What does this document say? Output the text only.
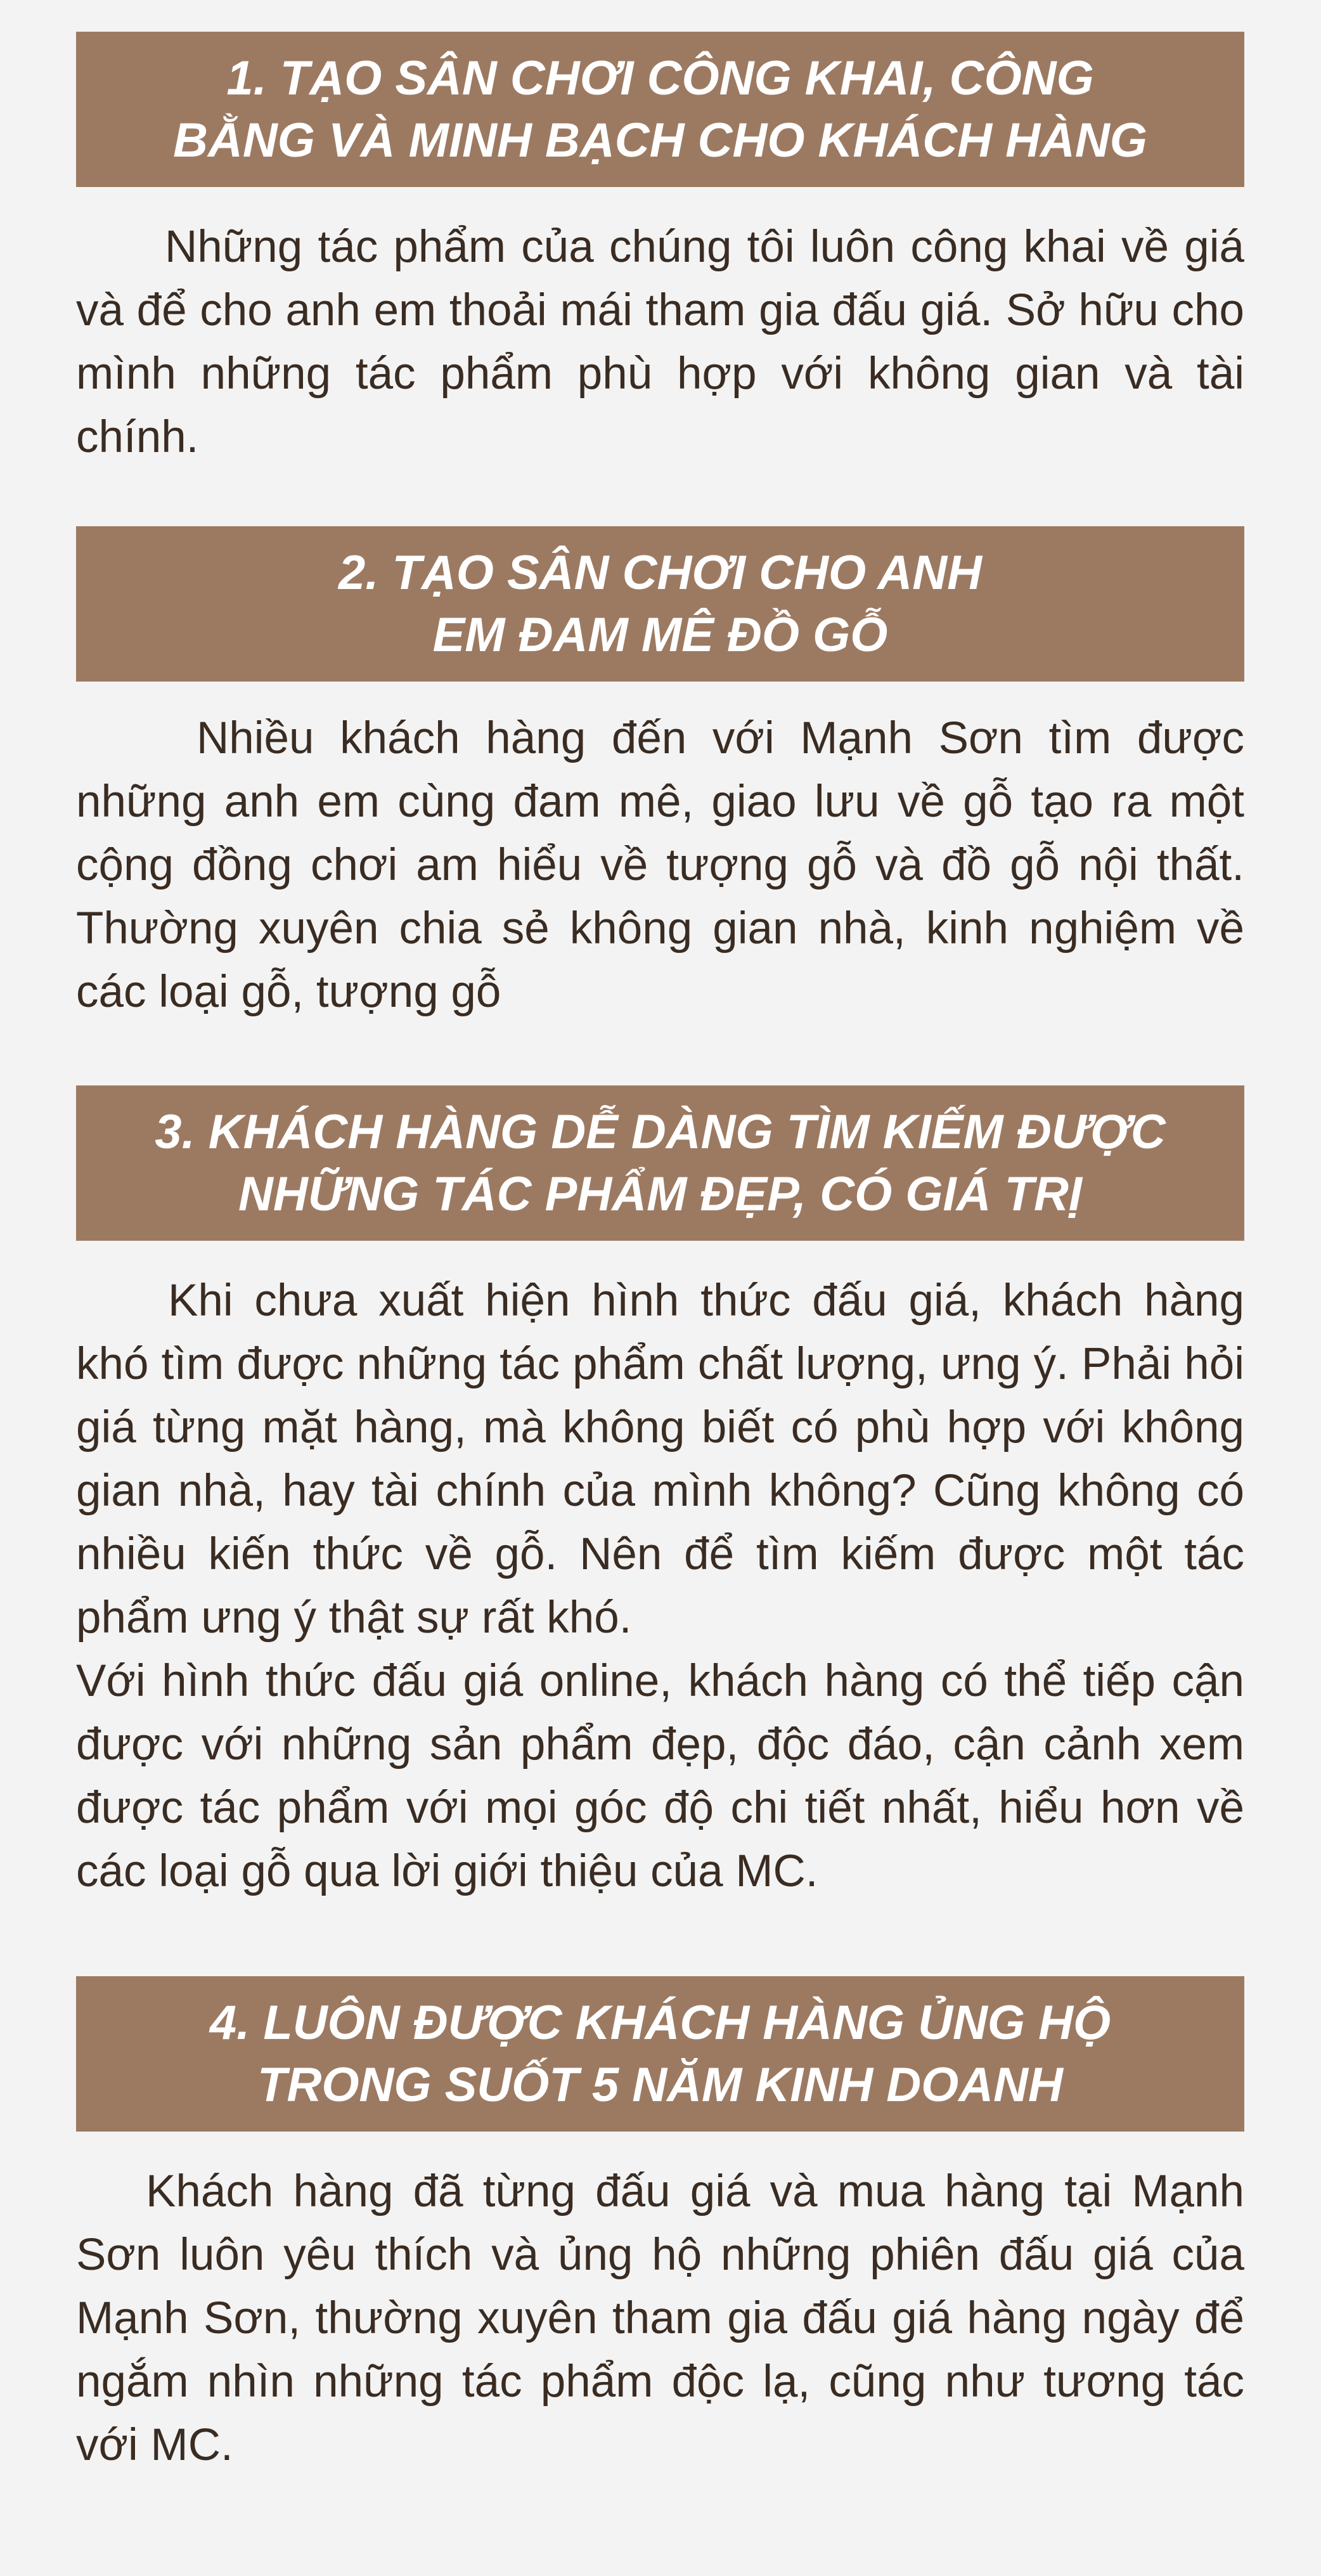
1. TẠO SÂN CHƠI CÔNG KHAI, CÔNG
BẰNG VÀ MINH BẠCH CHO KHÁCH HÀNG

Những tác phẩm của chúng tôi luôn công khai về giá và để cho anh em thoải mái tham gia đấu giá. Sở hữu cho mình những tác phẩm phù hợp với không gian và tài chính.

2. TẠO SÂN CHƠI CHO ANH
EM ĐAM MÊ ĐỒ GỖ

Nhiều khách hàng đến với Mạnh Sơn tìm được những anh em cùng đam mê, giao lưu về gỗ tạo ra một cộng đồng chơi am hiểu về tượng gỗ và đồ gỗ nội thất. Thường xuyên chia sẻ không gian nhà, kinh nghiệm về các loại gỗ, tượng gỗ

3. KHÁCH HÀNG DỄ DÀNG TÌM KIẾM ĐƯỢC
NHỮNG TÁC PHẨM ĐẸP, CÓ GIÁ TRỊ

Khi chưa xuất hiện hình thức đấu giá, khách hàng khó tìm được những tác phẩm chất lượng, ưng ý. Phải hỏi giá từng mặt hàng, mà không biết có phù hợp với không gian nhà, hay tài chính của mình không? Cũng không có nhiều kiến thức về gỗ. Nên để tìm kiếm được một tác phẩm ưng ý thật sự rất khó.

Với hình thức đấu giá online, khách hàng có thể tiếp cận được với những sản phẩm đẹp, độc đáo, cận cảnh xem được tác phẩm với mọi góc độ chi tiết nhất, hiểu hơn về các loại gỗ qua lời giới thiệu của MC.

4. LUÔN ĐƯỢC KHÁCH HÀNG ỦNG HỘ
TRONG SUỐT 5 NĂM KINH DOANH

Khách hàng đã từng đấu giá và mua hàng tại Mạnh Sơn luôn yêu thích và ủng hộ những phiên đấu giá của Mạnh Sơn, thường xuyên tham gia đấu giá hàng ngày để ngắm nhìn những tác phẩm độc lạ, cũng như tương tác với MC.
